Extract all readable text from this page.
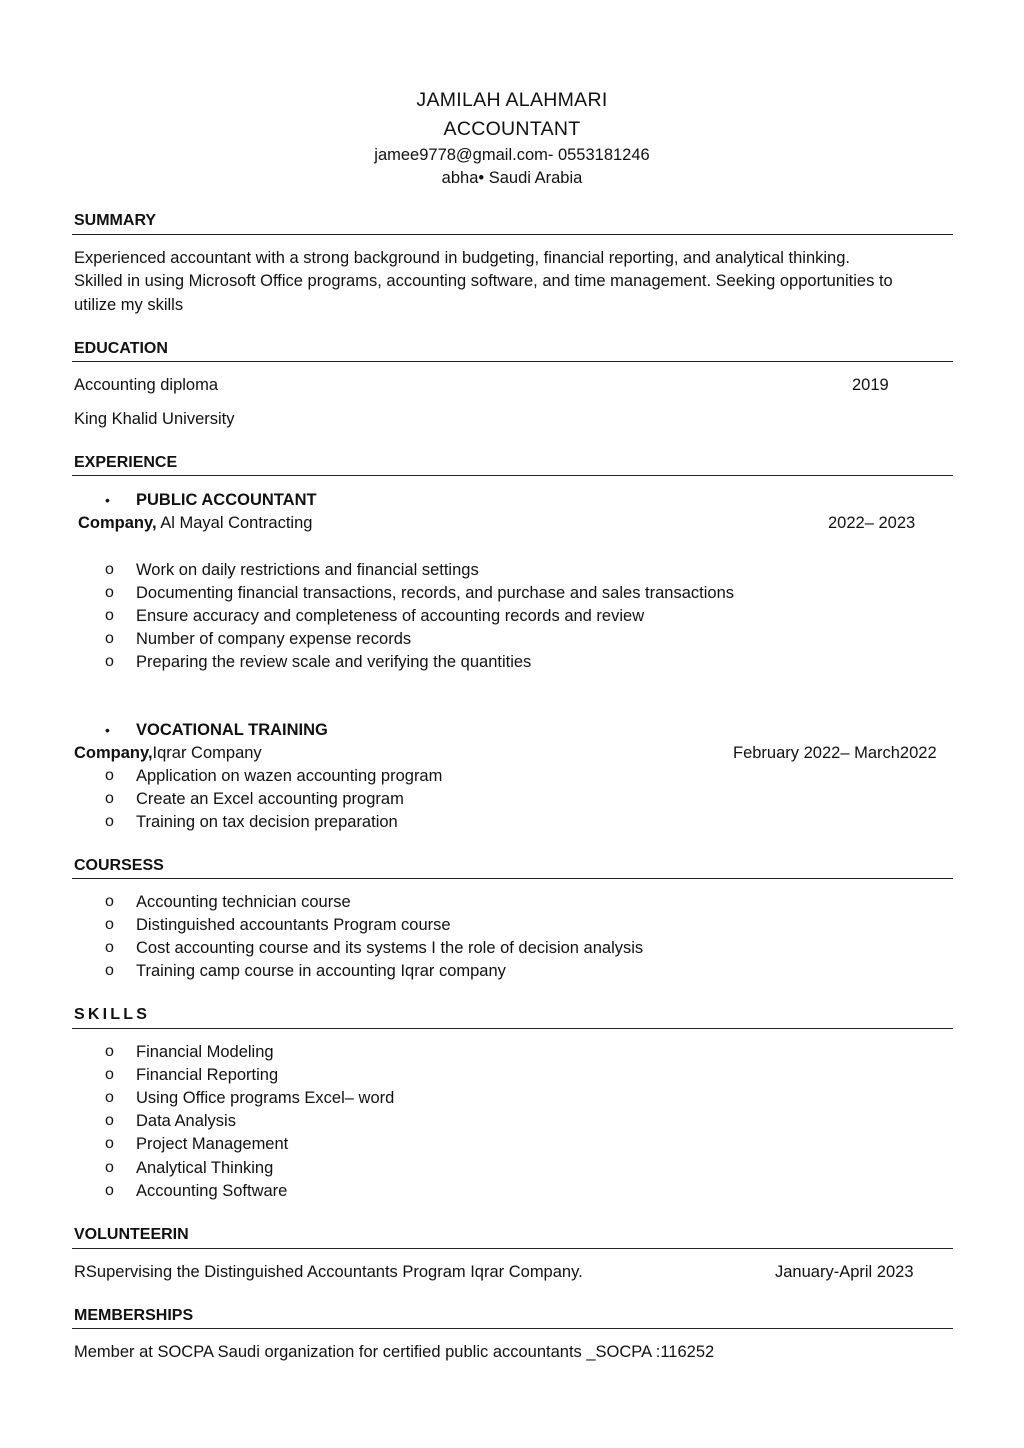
JAMILAH ALAHMARI
ACCOUNTANT
jamee9778@gmail.com- 0553181246
abha• Saudi Arabia
SUMMARY
Experienced accountant with a strong background in budgeting, financial reporting, and analytical thinking.
Skilled in using Microsoft Office programs, accounting software, and time management. Seeking opportunities to
utilize my skills
EDUCATION
Accounting diploma	2019
King Khalid University
EXPERIENCE
• PUBLIC ACCOUNTANT
Company, Al Mayal Contracting	2022– 2023
o Work on daily restrictions and financial settings
o Documenting financial transactions, records, and purchase and sales transactions
o Ensure accuracy and completeness of accounting records and review
o Number of company expense records
o Preparing the review scale and verifying the quantities
• VOCATIONAL TRAINING
Company,Iqrar Company	February 2022– March2022
o Application on wazen accounting program
o Create an Excel accounting program
o Training on tax decision preparation
COURSESS
o Accounting technician course
o Distinguished accountants Program course
o Cost accounting course and its systems I the role of decision analysis
o Training camp course in accounting Iqrar company
SKILLS
o Financial Modeling
o Financial Reporting
o Using Office programs Excel– word
o Data Analysis
o Project Management
o Analytical Thinking
o Accounting Software
VOLUNTEERIN
RSupervising the Distinguished Accountants Program Iqrar Company.	January-April 2023
MEMBERSHIPS
Member at SOCPA Saudi organization for certified public accountants _SOCPA :116252
